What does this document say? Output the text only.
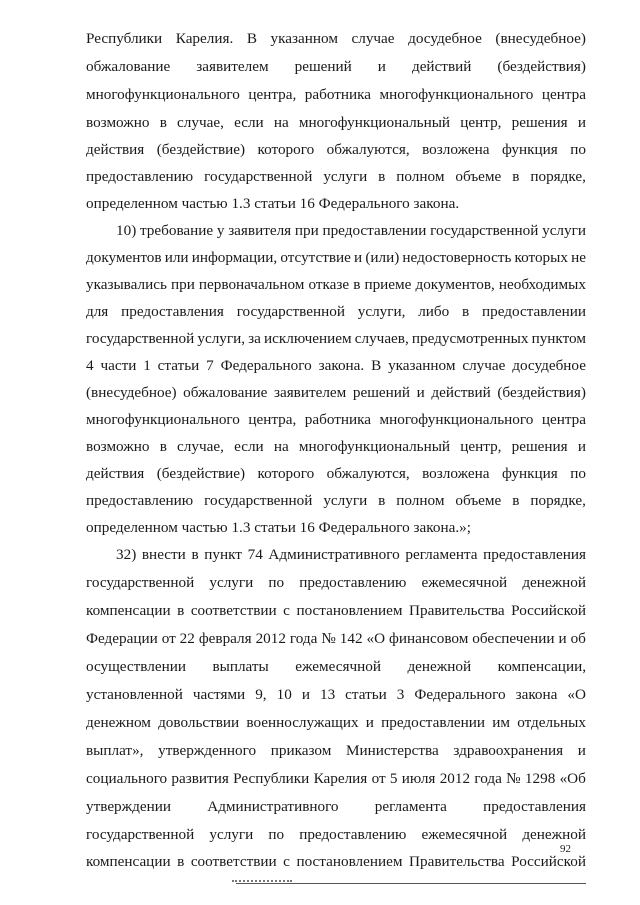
Республики Карелия. В указанном случае досудебное (внесудебное)
обжалование заявителем решений и действий (бездействия)
многофункционального центра, работника многофункционального центра
возможно в случае, если на многофункциональный центр, решения и
действия (бездействие) которого обжалуются, возложена функция по
предоставлению государственной услуги в полном объеме в порядке,
определенном частью 1.3 статьи 16 Федерального закона.
10) требование у заявителя при предоставлении государственной услуги
документов или информации, отсутствие и (или) недостоверность которых не
указывались при первоначальном отказе в приеме документов, необходимых
для предоставления государственной услуги, либо в предоставлении
государственной услуги, за исключением случаев, предусмотренных пунктом
4 части 1 статьи 7 Федерального закона. В указанном случае досудебное
(внесудебное) обжалование заявителем решений и действий (бездействия)
многофункционального центра, работника многофункционального центра
возможно в случае, если на многофункциональный центр, решения и
действия (бездействие) которого обжалуются, возложена функция по
предоставлению государственной услуги в полном объеме в порядке,
определенном частью 1.3 статьи 16 Федерального закона.»;
32) внести в пункт 74 Административного регламента предоставления
государственной услуги по предоставлению ежемесячной денежной
компенсации в соответствии с постановлением Правительства Российской
Федерации от 22 февраля 2012 года № 142 «О финансовом обеспечении и об
осуществлении выплаты ежемесячной денежной компенсации,
установленной частями 9, 10 и 13 статьи 3 Федерального закона «О
денежном довольствии военнослужащих и предоставлении им отдельных
выплат», утвержденного приказом Министерства здравоохранения и
социального развития Республики Карелия от 5 июля 2012 года № 1298 «Об
утверждении Административного регламента предоставления
государственной услуги по предоставлению ежемесячной денежной
компенсации в соответствии с постановлением Правительства Российской
92
